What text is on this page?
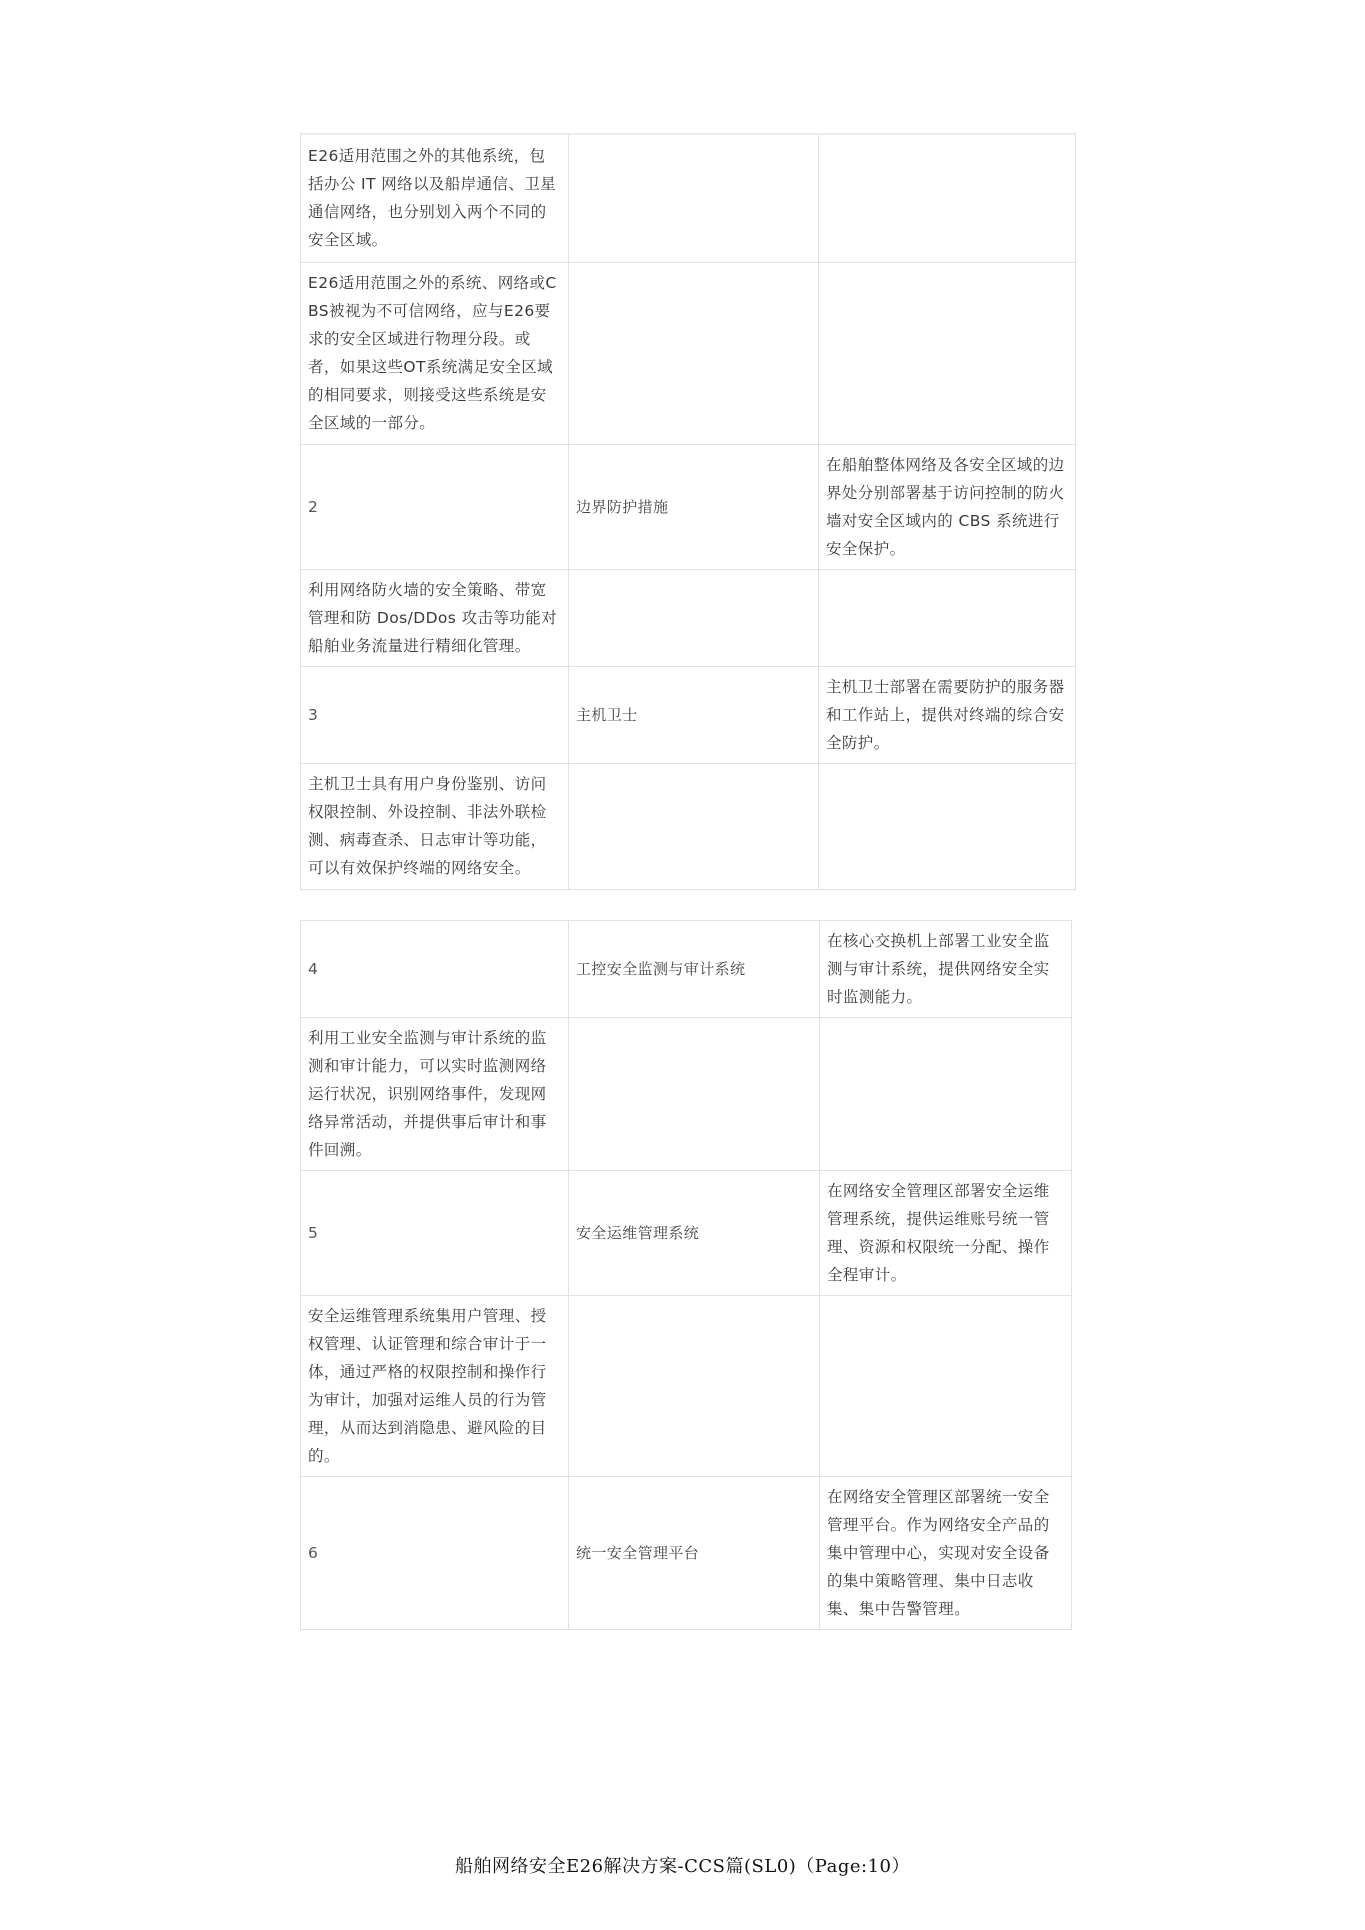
E26适用范围之外的其他系统，包括办公 IT 网络以及船岸通信、卫星通信网络，也分别划入两个不同的安全区域。		
E26适用范围之外的系统、网络或CBS被视为不可信网络，应与E26要求的安全区域进行物理分段。或者，如果这些OT系统满足安全区域的相同要求，则接受这些系统是安全区域的一部分。		
2	边界防护措施	在船舶整体网络及各安全区域的边界处分别部署基于访问控制的防火墙对安全区域内的 CBS 系统进行安全保护。
利用网络防火墙的安全策略、带宽管理和防 Dos/DDos 攻击等功能对船舶业务流量进行精细化管理。		
3	主机卫士	主机卫士部署在需要防护的服务器和工作站上，提供对终端的综合安全防护。
主机卫士具有用户身份鉴别、访问权限控制、外设控制、非法外联检测、病毒查杀、日志审计等功能，可以有效保护终端的网络安全。		
4	工控安全监测与审计系统	在核心交换机上部署工业安全监测与审计系统，提供网络安全实时监测能力。
利用工业安全监测与审计系统的监测和审计能力，可以实时监测网络运行状况，识别网络事件，发现网络异常活动，并提供事后审计和事件回溯。		
5	安全运维管理系统	在网络安全管理区部署安全运维管理系统，提供运维账号统一管理、资源和权限统一分配、操作全程审计。
安全运维管理系统集用户管理、授权管理、认证管理和综合审计于一体，通过严格的权限控制和操作行为审计，加强对运维人员的行为管理，从而达到消隐患、避风险的目的。		
6	统一安全管理平台	在网络安全管理区部署统一安全管理平台。作为网络安全产品的集中管理中心，实现对安全设备的集中策略管理、集中日志收集、集中告警管理。
船舶网络安全E26解决方案-CCS篇(SL0)（Page:10）
